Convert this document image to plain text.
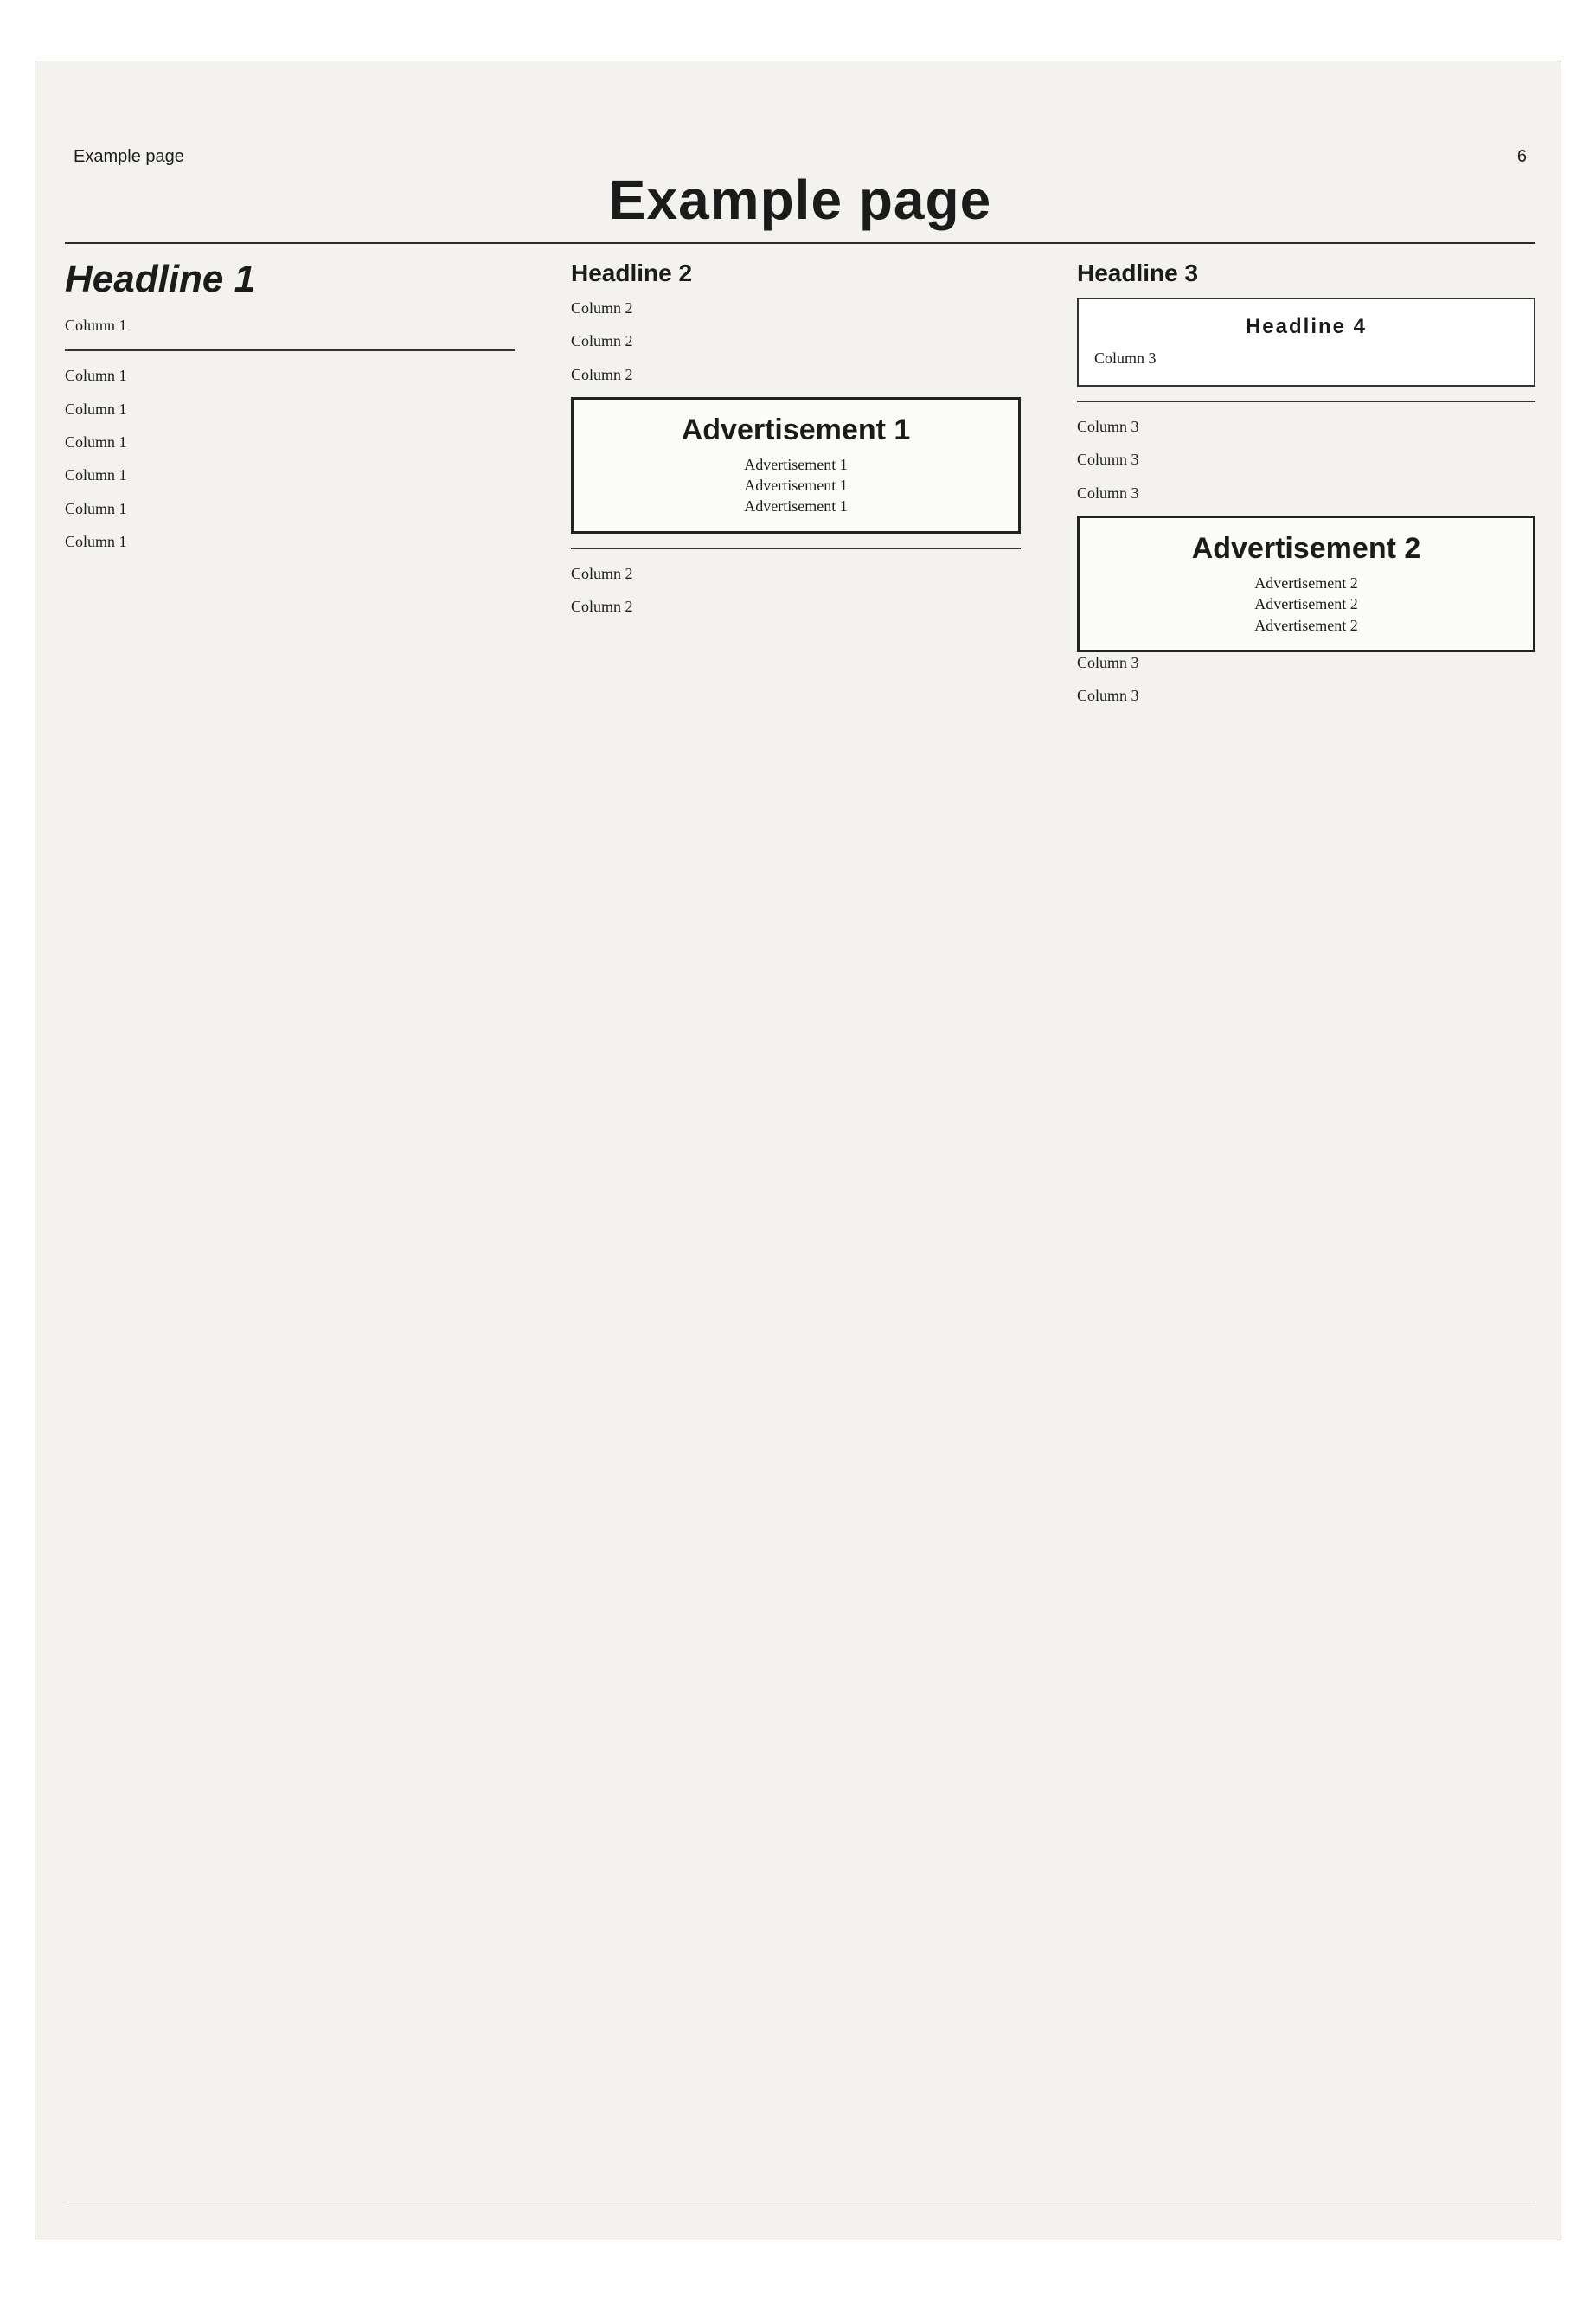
Example page
Example page
6
Headline 1
Column 1
Column 1
Column 1
Column 1
Column 1
Column 1
Column 1
Headline 2
Column 2
Column 2
Column 2
Advertisement 1
Advertisement 1
Advertisement 1
Advertisement 1
Column 2
Column 2
Headline 3
Headline 4
Column 3
Column 3
Column 3
Column 3
Advertisement 2
Advertisement 2
Advertisement 2
Advertisement 2
Column 3
Column 3
